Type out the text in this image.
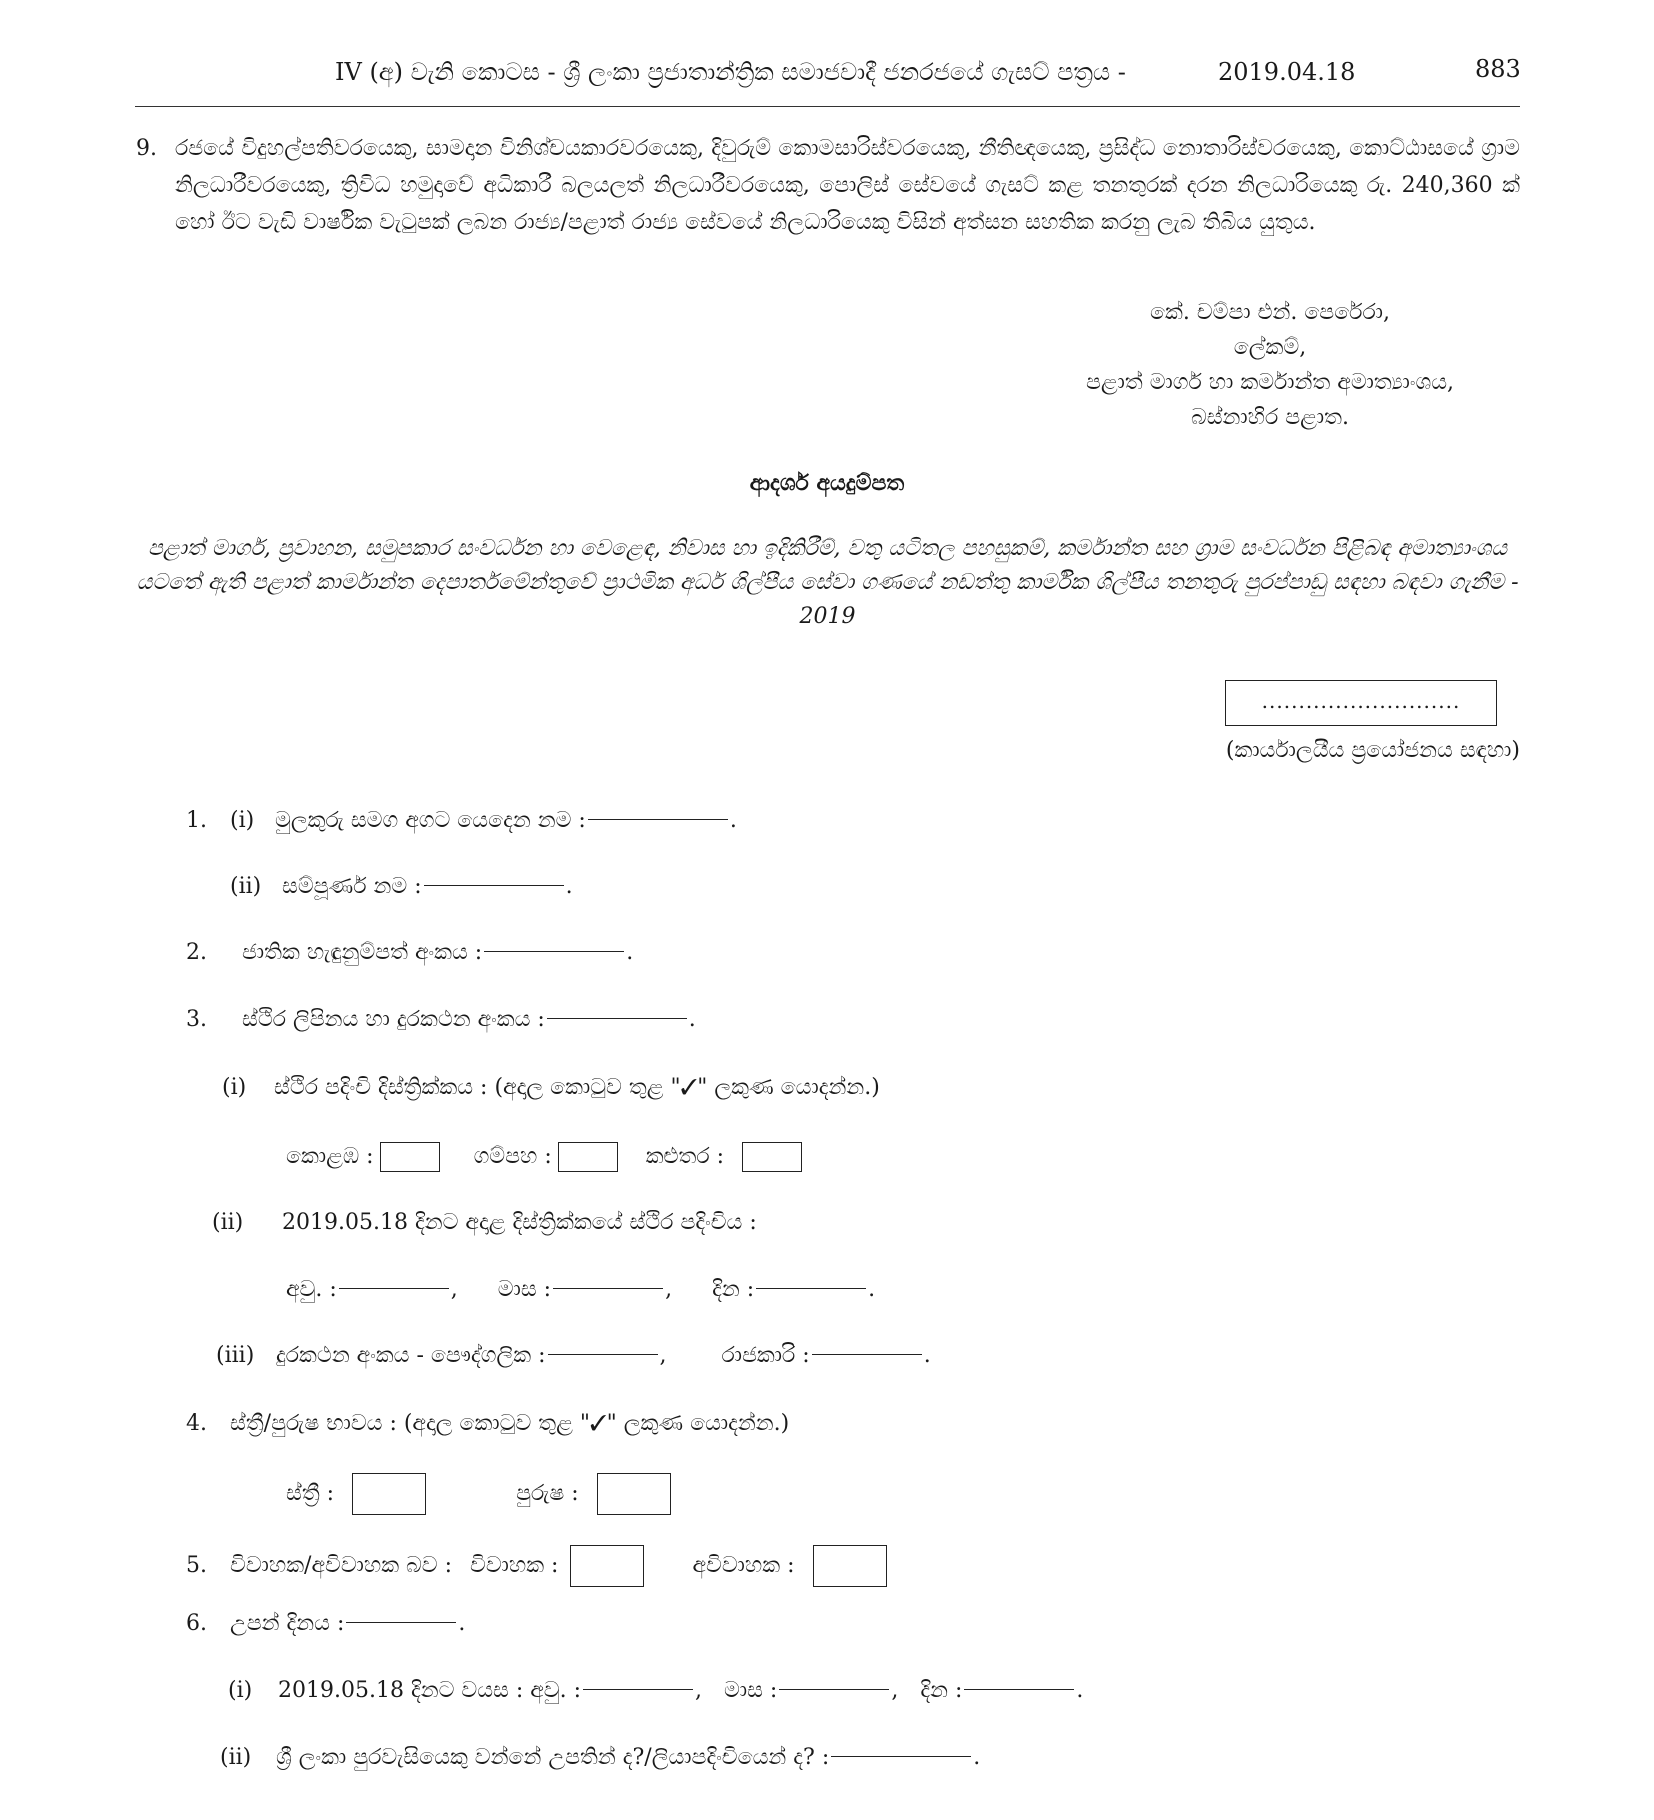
IV (අ) වැනි කොටස - ශ්‍රී ලංකා ප්‍රජාතාන්ත්‍රික සමාජවාදී ජනරජයේ ගැසට් පත්‍රය -	2019.04.18	883
9. රජයේ විදුහල්පතිවරයෙකු, සාමදාන විනිශ්චයකාරවරයෙකු, දිවුරුම් කොමසාරිස්වරයෙකු, නීතිඥයෙකු, ප්‍රසිද්ධ නොතාරිස්වරයෙකු, කොට්ඨාසයේ ග්‍රාම නිලධාරීවරයෙකු, ත්‍රිවිධ හමුදාවේ අධිකාරී බලයලත් නිලධාරීවරයෙකු, පොලිස් සේවයේ ගැසට් කළ තනතුරක් දරන නිලධාරියෙකු රු. 240,360 ක් හෝ ඊට වැඩි වාර්ෂික වැටුපක් ලබන රාජ්‍ය/පළාත් රාජ්‍ය සේවයේ නිලධාරියෙකු විසින් අත්සන සහතික කරනු ලැබ තිබිය යුතුය.
කේ. චම්පා එන්. පෙරේරා,
ලේකම්,
පළාත් මාර්ග හා කර්මාන්ත අමාත්‍යාංශය,
බස්නාහිර පළාත.
ආදර්ශ අයදුම්පත
පළාත් මාර්ග, ප්‍රවාහන, සමුපකාර සංවර්ධන හා වෙළෙඳ, නිවාස හා ඉදිකිරීම්, වතු යටිතල පහසුකම්, කර්මාන්ත සහ ග්‍රාම සංවර්ධන පිළිබඳ අමාත්‍යාංශය යටතේ ඇති පළාත් කාර්මාන්ත දෙපාර්තමේන්තුවේ ප්‍රාථමික අර්ධ ශිල්පීය සේවා ගණයේ නඩත්තු කාර්මික ශිල්පීය තනතුරු පුරප්පාඩු සඳහා බඳවා ගැනීම - 2019
...........................
(කාර්යාලයීය ප්‍රයෝජනය සඳහා)
1. (i) මුලකුරු සමග අගට යෙදෙන නම :	.
(ii) සම්පූර්ණ නම :	.
2. ජාතික හැඳුනුම්පත් අංකය :	.
3. ස්ථිර ලිපිනය හා දුරකථන අංකය :	.
(i) ස්ථිර පදිංචි දිස්ත්‍රික්කය : (අදාල කොටුව තුළ "✓" ලකුණ යොදන්න.)
කොළඹ :	ගම්පහ :	කළුතර :
(ii) 2019.05.18 දිනට අදාළ දිස්ත්‍රික්කයේ ස්ථිර පදිංචිය :
අවු. :	, මාස :	, දින :	.
(iii) දුරකථන අංකය - පෞද්ගලික :	,	රාජකාරි :	.
4. ස්ත්‍රී/පුරුෂ භාවය : (අදාල කොටුව තුළ "✓" ලකුණ යොදන්න.)
ස්ත්‍රී :	පුරුෂ :
5. විවාහක/අවිවාහක බව : විවාහක :	අවිවාහක :
6. උපන් දිනය :	.
(i) 2019.05.18 දිනට වයස : අවු. :	, මාස :	, දින :	.
(ii) ශ්‍රී ලංකා පුරවැසියෙකු වන්නේ උපතින් ද?/ලියාපදිංචියෙන් ද? :	.
